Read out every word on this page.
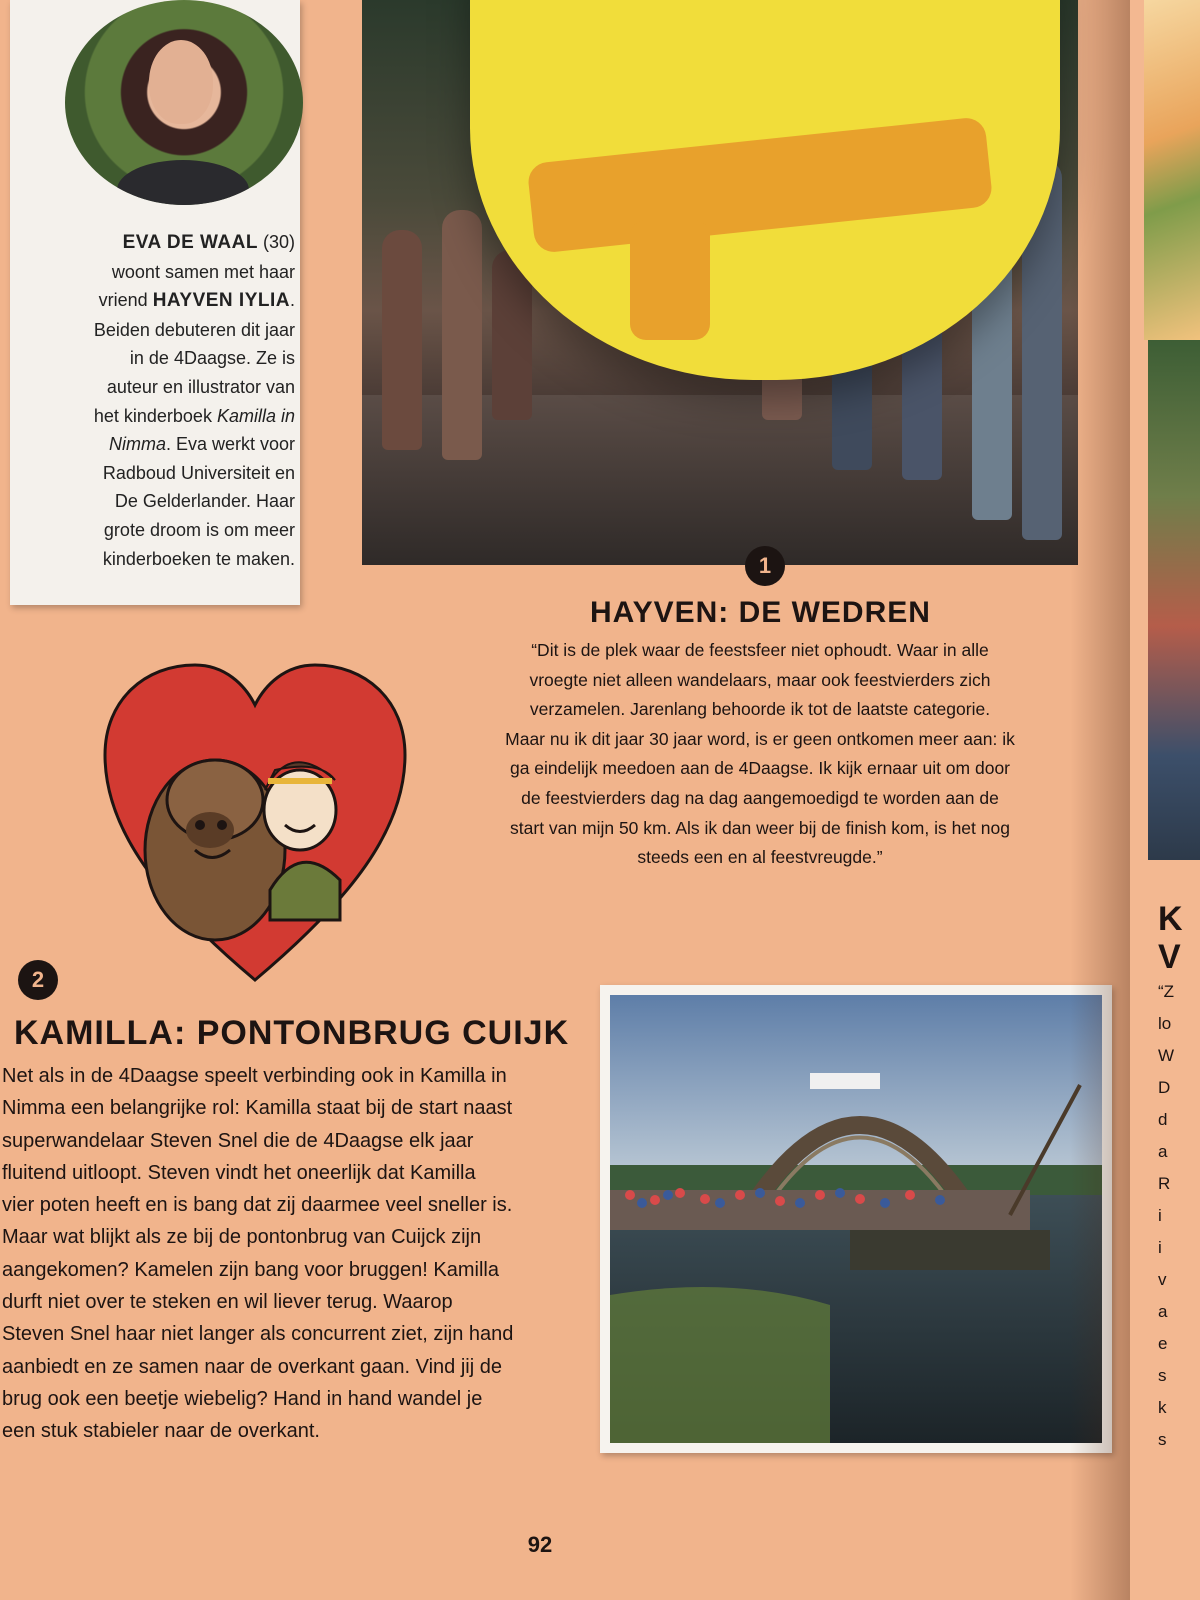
EVA DE WAAL (30)
woont samen met haar
vriend HAYVEN IYLIA.
Beiden debuteren dit jaar
in de 4Daagse. Ze is
auteur en illustrator van
het kinderboek Kamilla in
Nimma. Eva werkt voor
Radboud Universiteit en
De Gelderlander. Haar
grote droom is om meer
kinderboeken te maken.	1
HAYVEN: DE WEDREN
“Dit is de plek waar de feestsfeer niet ophoudt. Waar in alle
vroegte niet alleen wandelaars, maar ook feestvierders zich
verzamelen. Jarenlang behoorde ik tot de laatste categorie.
Maar nu ik dit jaar 30 jaar word, is er geen ontkomen meer aan: ik
ga eindelijk meedoen aan de 4Daagse. Ik kijk ernaar uit om door
de feestvierders dag na dag aangemoedigd te worden aan de
start van mijn 50 km. Als ik dan weer bij de finish kom, is het nog
steeds een en al feestvreugde.”
2
KAMILLA: PONTONBRUG CUIJK
Net als in de 4Daagse speelt verbinding ook in Kamilla in
Nimma een belangrijke rol: Kamilla staat bij de start naast
superwandelaar Steven Snel die de 4Daagse elk jaar
fluitend uitloopt. Steven vindt het oneerlijk dat Kamilla
vier poten heeft en is bang dat zij daarmee veel sneller is.
Maar wat blijkt als ze bij de pontonbrug van Cuijck zijn
aangekomen? Kamelen zijn bang voor bruggen! Kamilla
durft niet over te steken en wil liever terug. Waarop
Steven Snel haar niet langer als concurrent ziet, zijn hand
aanbiedt en ze samen naar de overkant gaan. Vind jij de
brug ook een beetje wiebelig? Hand in hand wandel je
een stuk stabieler naar de overkant.
92
K
V
“Z
lo
W
D
d
a
R
i
i
v
a
e
s
k
s
